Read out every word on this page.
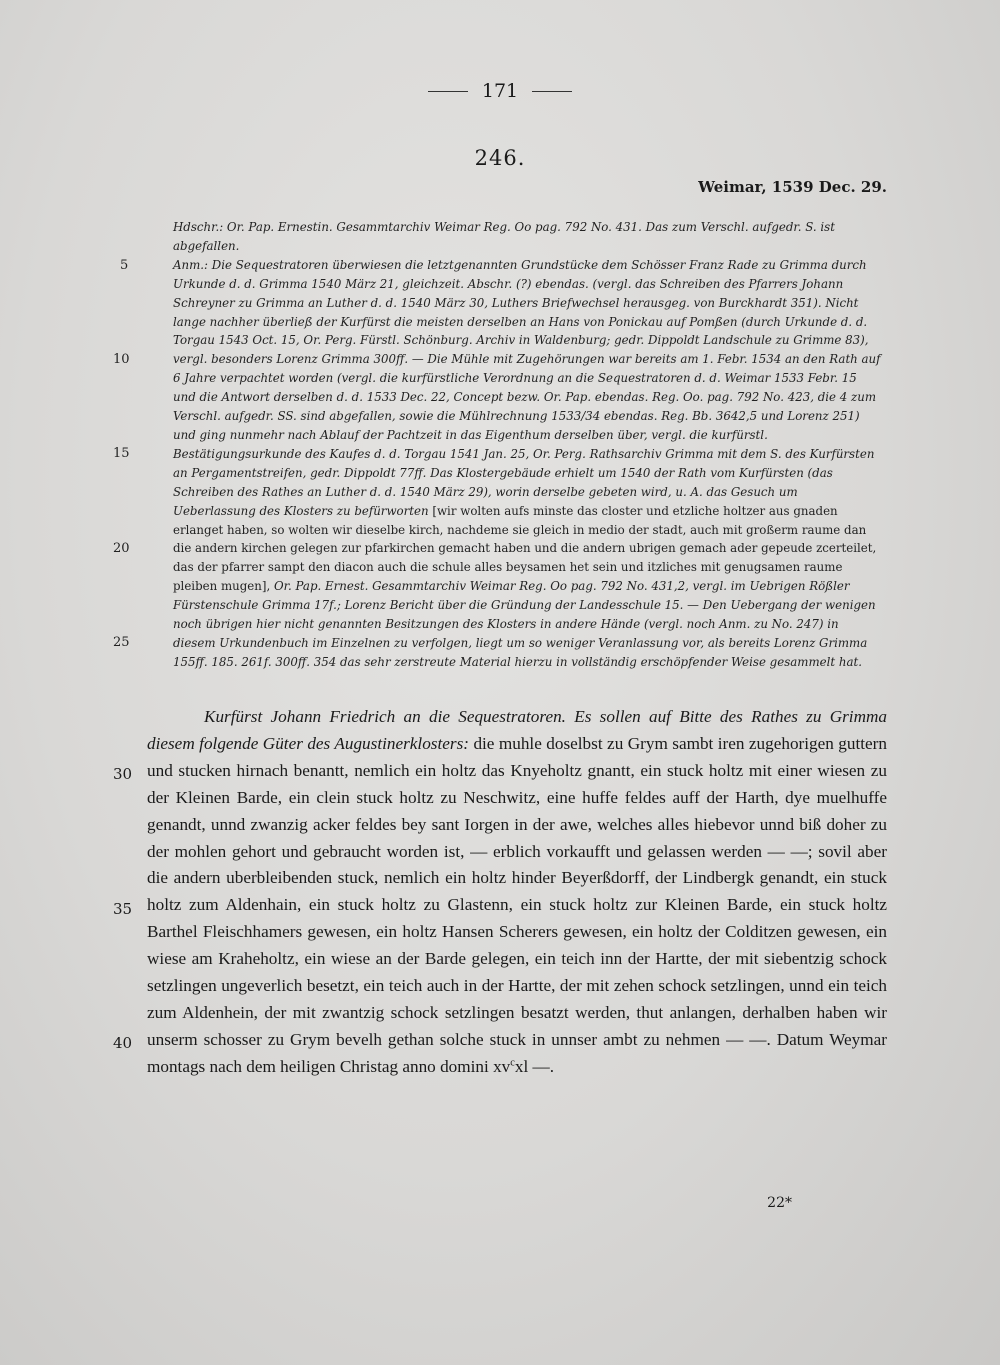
171
246.
Weimar, 1539 Dec. 29.

Hdschr.: Or. Pap. Ernestin. Gesammtarchiv Weimar Reg. Oo pag. 792 No. 431. Das zum Verschl. aufgedr. S. ist abgefallen.

Anm.: Die Sequestratoren überwiesen die letztgenannten Grundstücke dem Schösser Franz Rade zu Grimma durch Urkunde d. d. Grimma 1540 März 21, gleichzeit. Abschr. (?) ebendas. (vergl. das Schreiben des Pfarrers Johann Schreyner zu Grimma an Luther d. d. 1540 März 30, Luthers Briefwechsel herausgeg. von Burckhardt 351). Nicht lange nachher überließ der Kurfürst die meisten derselben an Hans von Ponickau auf Pomßen (durch Urkunde d. d. Torgau 1543 Oct. 15, Or. Perg. Fürstl. Schönburg. Archiv in Waldenburg; gedr. Dippoldt Landschule zu Grimme 83), vergl. besonders Lorenz Grimma 300ff. — Die Mühle mit Zugehörungen war bereits am 1. Febr. 1534 an den Rath auf 6 Jahre verpachtet worden (vergl. die kurfürstliche Verordnung an die Sequestratoren d. d. Weimar 1533 Febr. 15 und die Antwort derselben d. d. 1533 Dec. 22, Concept bezw. Or. Pap. ebendas. Reg. Oo. pag. 792 No. 423, die 4 zum Verschl. aufgedr. SS. sind abgefallen, sowie die Mühlrechnung 1533/34 ebendas. Reg. Bb. 3642,5 und Lorenz 251) und ging nunmehr nach Ablauf der Pachtzeit in das Eigenthum derselben über, vergl. die kurfürstl. Bestätigungsurkunde des Kaufes d. d. Torgau 1541 Jan. 25, Or. Perg. Rathsarchiv Grimma mit dem S. des Kurfürsten an Pergamentstreifen, gedr. Dippoldt 77ff. Das Klostergebäude erhielt um 1540 der Rath vom Kurfürsten (das Schreiben des Rathes an Luther d. d. 1540 März 29), worin derselbe gebeten wird, u. A. das Gesuch um Ueberlassung des Klosters zu befürworten [wir wolten aufs minste das closter und etzliche holtzer aus gnaden erlanget haben, so wolten wir dieselbe kirch, nachdeme sie gleich in medio der stadt, auch mit großerm raume dan die andern kirchen gelegen zur pfarkirchen gemacht haben und die andern ubrigen gemach ader gepeude zcerteilet, das der pfarrer sampt den diacon auch die schule alles beysamen het sein und itzliches mit genugsamen raume pleiben mugen], Or. Pap. Ernest. Gesammtarchiv Weimar Reg. Oo pag. 792 No. 431,2, vergl. im Uebrigen Rößler Fürstenschule Grimma 17f.; Lorenz Bericht über die Gründung der Landesschule 15. — Den Uebergang der wenigen noch übrigen hier nicht genannten Besitzungen des Klosters in andere Hände (vergl. noch Anm. zu No. 247) in diesem Urkundenbuch im Einzelnen zu verfolgen, liegt um so weniger Veranlassung vor, als bereits Lorenz Grimma 155ff. 185. 261f. 300ff. 354 das sehr zerstreute Material hierzu in vollständig erschöpfender Weise gesammelt hat.

5
10
15
20
25

Kurfürst Johann Friedrich an die Sequestratoren. Es sollen auf Bitte des Rathes zu Grimma diesem folgende Güter des Augustinerklosters: die muhle doselbst zu Grym sambt iren zugehorigen guttern und stucken hirnach benantt, nemlich ein holtz das Knyeholtz gnantt, ein stuck holtz mit einer wiesen zu der Kleinen Barde, ein clein stuck holtz zu Neschwitz, eine huffe feldes auff der Harth, dye muelhuffe genandt, unnd zwanzig acker feldes bey sant Iorgen in der awe, welches alles hiebevor unnd biß doher zu der mohlen gehort und gebraucht worden ist, — erblich vorkaufft und gelassen werden — —; sovil aber die andern uberbleibenden stuck, nemlich ein holtz hinder Beyerßdorff, der Lindbergk genandt, ein stuck holtz zum Aldenhain, ein stuck holtz zu Glastenn, ein stuck holtz zur Kleinen Barde, ein stuck holtz Barthel Fleischhamers gewesen, ein holtz Hansen Scherers gewesen, ein holtz der Colditzen gewesen, ein wiese am Kraheholtz, ein wiese an der Barde gelegen, ein teich inn der Hartte, der mit siebentzig schock setzlingen ungeverlich besetzt, ein teich auch in der Hartte, der mit zehen schock setzlingen, unnd ein teich zum Aldenhein, der mit zwantzig schock setzlingen besatzt werden, thut anlangen, derhalben haben wir unserm schosser zu Grym bevelh gethan solche stuck in unnser ambt zu nehmen — —. Datum Weymar montags nach dem heiligen Christag anno domini $xv^cxl$ —.

30
35
40
22*
